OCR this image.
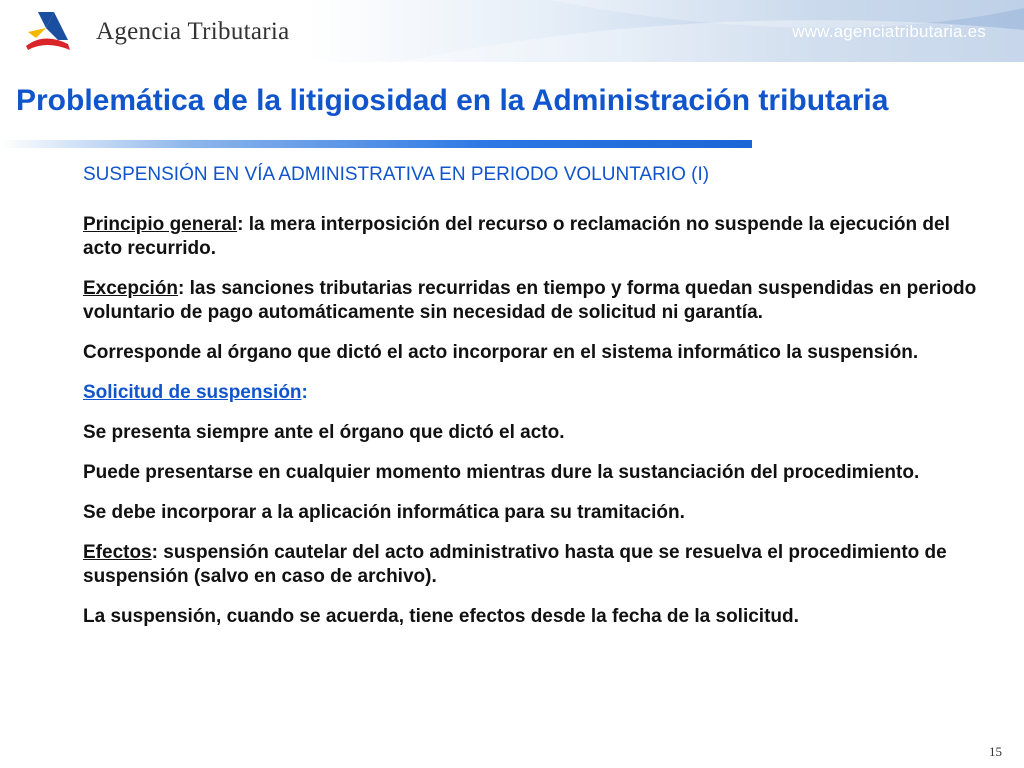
Agencia Tributaria	www.agenciatributaria.es
Problemática de la litigiosidad en la Administración tributaria
SUSPENSIÓN EN VÍA ADMINISTRATIVA EN PERIODO VOLUNTARIO (I)

Principio general: la mera interposición del recurso o reclamación no suspende la ejecución del acto recurrido.

Excepción: las sanciones tributarias recurridas en tiempo y forma quedan suspendidas en periodo voluntario de pago automáticamente sin necesidad de solicitud ni garantía.

Corresponde al órgano que dictó el acto incorporar en el sistema informático la suspensión.

Solicitud de suspensión:

Se presenta siempre ante el órgano que dictó el acto.

Puede presentarse en cualquier momento mientras dure la sustanciación del procedimiento.

Se debe incorporar a la aplicación informática para su tramitación.

Efectos: suspensión cautelar del acto administrativo hasta que se resuelva el procedimiento de suspensión (salvo en caso de archivo).

La suspensión, cuando se acuerda, tiene efectos desde la fecha de la solicitud.

15
